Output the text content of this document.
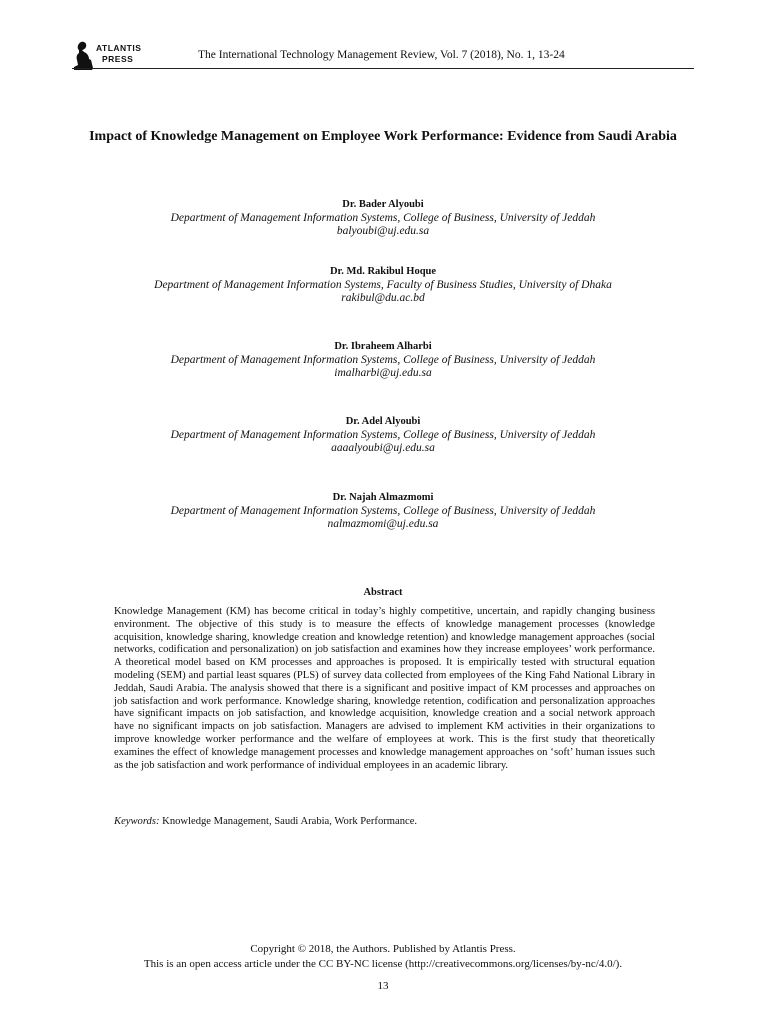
ATLANTIS
PRESS	The International Technology Management Review, Vol. 7 (2018), No. 1, 13-24
Impact of Knowledge Management on Employee Work Performance: Evidence from Saudi Arabia
Dr. Bader Alyoubi
Department of Management Information Systems, College of Business, University of Jeddah
balyoubi@uj.edu.sa
Dr. Md. Rakibul Hoque
Department of Management Information Systems, Faculty of Business Studies, University of Dhaka
rakibul@du.ac.bd
Dr. Ibraheem Alharbi
Department of Management Information Systems, College of Business, University of Jeddah
imalharbi@uj.edu.sa
Dr. Adel Alyoubi
Department of Management Information Systems, College of Business, University of Jeddah
aaaalyoubi@uj.edu.sa
Dr. Najah Almazmomi
Department of Management Information Systems, College of Business, University of Jeddah
nalmazmomi@uj.edu.sa
Abstract
Knowledge Management (KM) has become critical in today’s highly competitive, uncertain, and rapidly changing business environment. The objective of this study is to measure the effects of knowledge management processes (knowledge acquisition, knowledge sharing, knowledge creation and knowledge retention) and knowledge management approaches (social networks, codification and personalization) on job satisfaction and examines how they increase employees’ work performance. A theoretical model based on KM processes and approaches is proposed. It is empirically tested with structural equation modeling (SEM) and partial least squares (PLS) of survey data collected from employees of the King Fahd National Library in Jeddah, Saudi Arabia. The analysis showed that there is a significant and positive impact of KM processes and approaches on job satisfaction and work performance. Knowledge sharing, knowledge retention, codification and personalization approaches have significant impacts on job satisfaction, and knowledge acquisition, knowledge creation and a social network approach have no significant impacts on job satisfaction. Managers are advised to implement KM activities in their organizations to improve knowledge worker performance and the welfare of employees at work. This is the first study that theoretically examines the effect of knowledge management processes and knowledge management approaches on ‘soft’ human issues such as the job satisfaction and work performance of individual employees in an academic library.
Keywords: Knowledge Management, Saudi Arabia, Work Performance.
Copyright © 2018, the Authors. Published by Atlantis Press.
This is an open access article under the CC BY-NC license (http://creativecommons.org/licenses/by-nc/4.0/).
13
